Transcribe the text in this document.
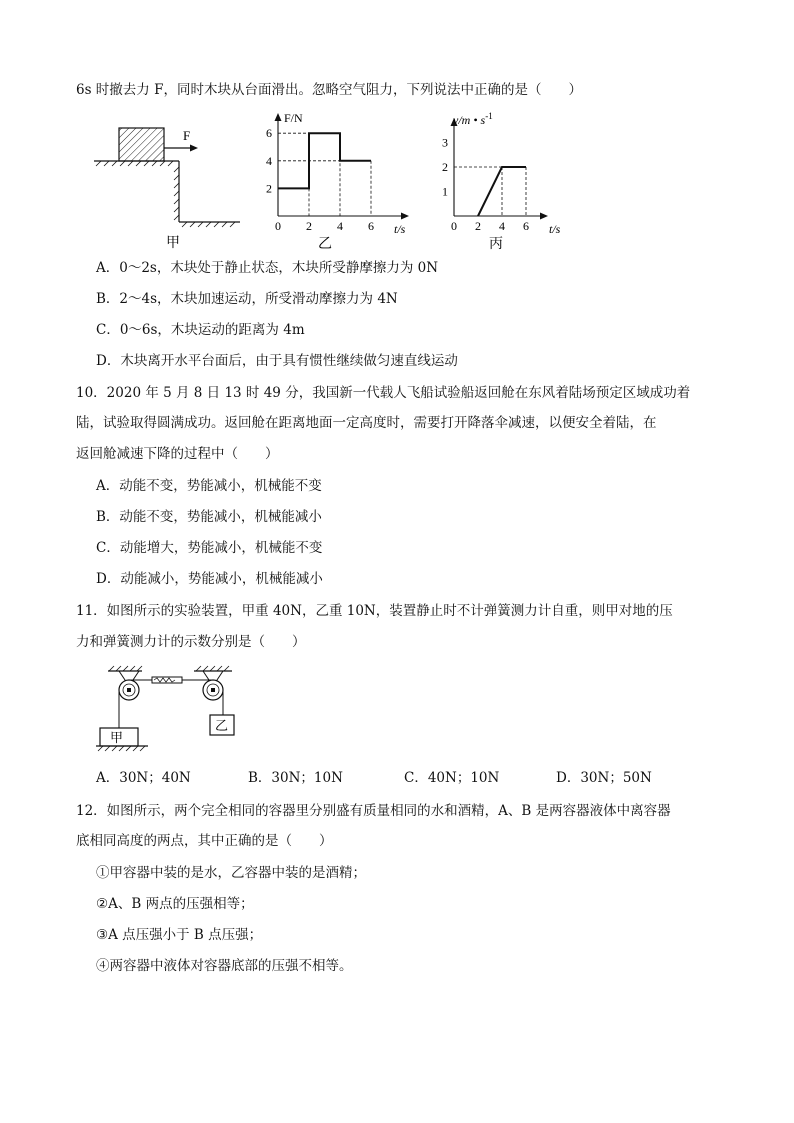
6s 时撤去力 F，同时木块从台面滑出。忽略空气阻力，下列说法中正确的是（　　）
F
甲
2
4
6
0 2 4 6
F/N
t/s
乙
1
2
3
0 2 4 6
v/m • $s^{-1}$
t/s
丙
A．0～2s，木块处于静止状态，木块所受静摩擦力为 0N
B．2～4s，木块加速运动，所受滑动摩擦力为 4N
C．0～6s，木块运动的距离为 4m
D．木块离开水平台面后，由于具有惯性继续做匀速直线运动
10．2020 年 5 月 8 日 13 时 49 分，我国新一代载人飞船试验船返回舱在东风着陆场预定区域成功着
陆，试验取得圆满成功。返回舱在距离地面一定高度时，需要打开降落伞减速，以便安全着陆，在
返回舱减速下降的过程中（　　）
A．动能不变，势能减小，机械能不变
B．动能不变，势能减小，机械能减小
C．动能增大，势能减小，机械能不变
D．动能减小，势能减小，机械能减小
11．如图所示的实验装置，甲重 40N，乙重 10N，装置静止时不计弹簧测力计自重，则甲对地的压
力和弹簧测力计的示数分别是（　　）
甲
乙
A．30N；40N	B．30N；10N	C．40N；10N	D．30N；50N
12．如图所示，两个完全相同的容器里分别盛有质量相同的水和酒精，A、B 是两容器液体中离容器
底相同高度的两点，其中正确的是（　　）
①甲容器中装的是水，乙容器中装的是酒精；
②A、B 两点的压强相等；
③A 点压强小于 B 点压强；
④两容器中液体对容器底部的压强不相等。
